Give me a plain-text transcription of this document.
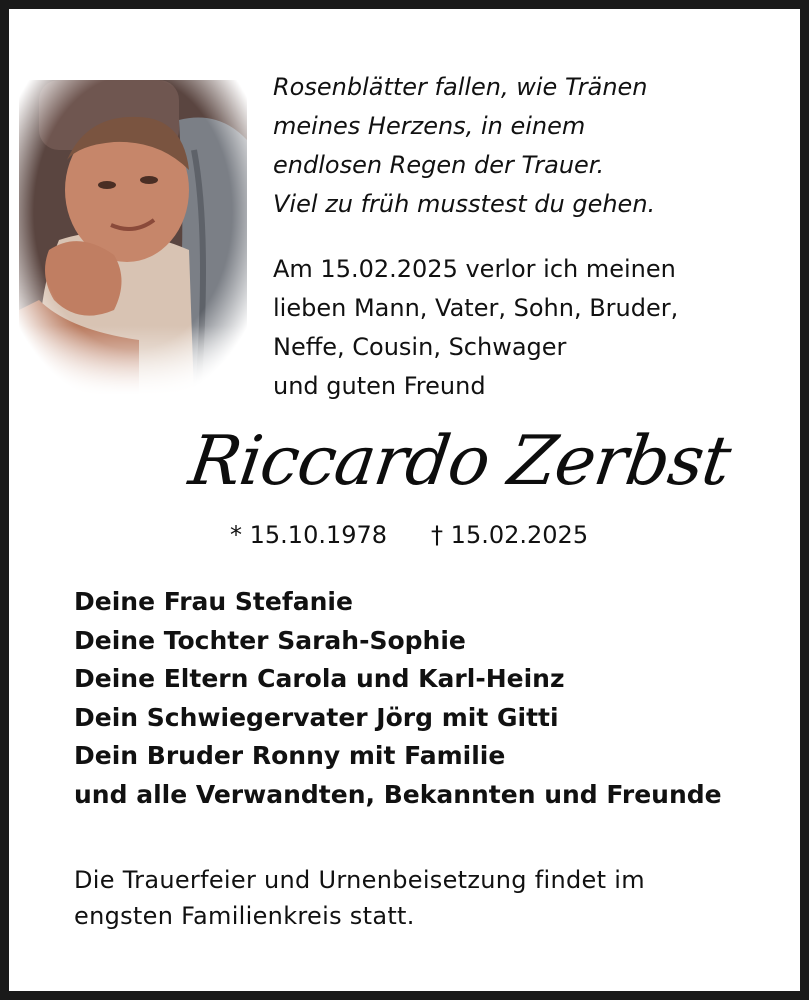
Rosenblätter fallen, wie Tränen
meines Herzens, in einem
endlosen Regen der Trauer.
Viel zu früh musstest du gehen.
Am 15.02.2025 verlor ich meinen
lieben Mann, Vater, Sohn, Bruder,
Neffe, Cousin, Schwager
und guten Freund
Riccardo Zerbst
* 15.10.1978 † 15.02.2025
Deine Frau Stefanie
Deine Tochter Sarah-Sophie
Deine Eltern Carola und Karl-Heinz
Dein Schwiegervater Jörg mit Gitti
Dein Bruder Ronny mit Familie
und alle Verwandten, Bekannten und Freunde
Die Trauerfeier und Urnenbeisetzung findet im
engsten Familienkreis statt.
